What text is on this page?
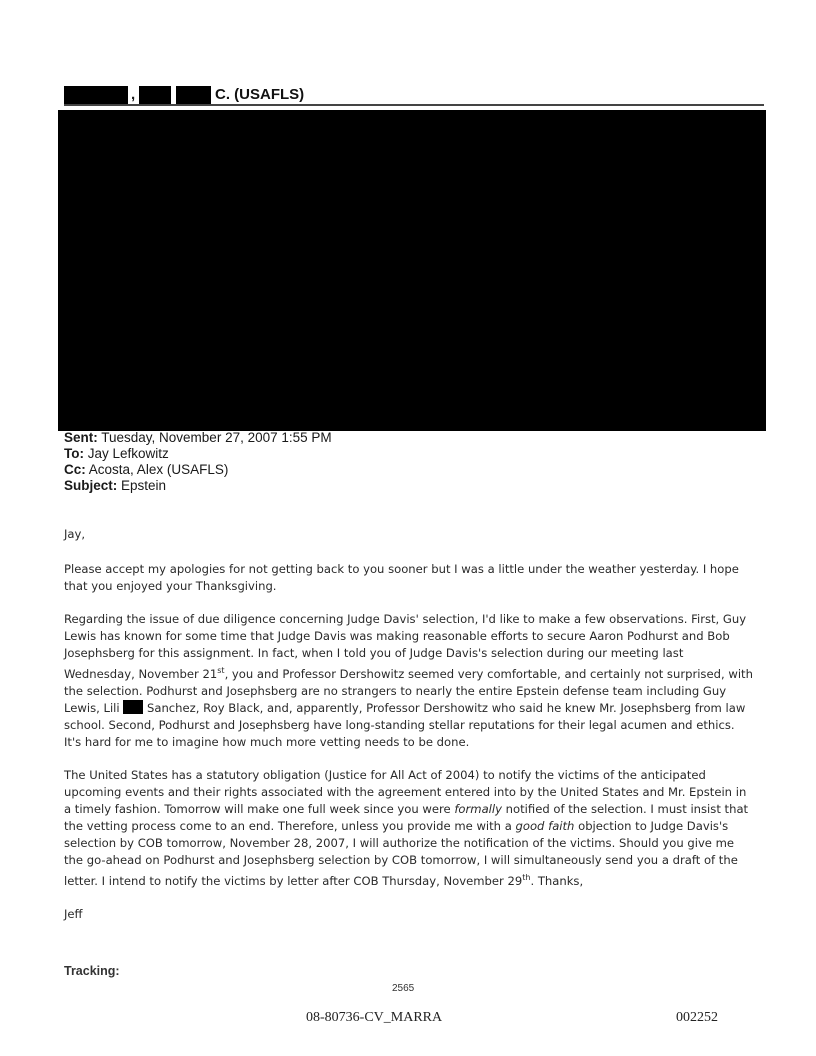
,	C. (USAFLS)
Sent: Tuesday, November 27, 2007 1:55 PM
To: Jay Lefkowitz
Cc: Acosta, Alex (USAFLS)
Subject: Epstein

Jay,

Please accept my apologies for not getting back to you sooner but I was a little under the weather yesterday. I hope that you enjoyed your Thanksgiving.

Regarding the issue of due diligence concerning Judge Davis' selection, I'd like to make a few observations. First, Guy Lewis has known for some time that Judge Davis was making reasonable efforts to secure Aaron Podhurst and Bob Josephsberg for this assignment. In fact, when I told you of Judge Davis's selection during our meeting last Wednesday, November 21st, you and Professor Dershowitz seemed very comfortable, and certainly not surprised, with the selection. Podhurst and Josephsberg are no strangers to nearly the entire Epstein defense team including Guy Lewis, Lili Sanchez, Roy Black, and, apparently, Professor Dershowitz who said he knew Mr. Josephsberg from law school. Second, Podhurst and Josephsberg have long-standing stellar reputations for their legal acumen and ethics. It's hard for me to imagine how much more vetting needs to be done.

The United States has a statutory obligation (Justice for All Act of 2004) to notify the victims of the anticipated upcoming events and their rights associated with the agreement entered into by the United States and Mr. Epstein in a timely fashion. Tomorrow will make one full week since you were formally notified of the selection. I must insist that the vetting process come to an end. Therefore, unless you provide me with a good faith objection to Judge Davis's selection by COB tomorrow, November 28, 2007, I will authorize the notification of the victims. Should you give me the go-ahead on Podhurst and Josephsberg selection by COB tomorrow, I will simultaneously send you a draft of the letter. I intend to notify the victims by letter after COB Thursday, November 29th. Thanks,

Jeff

Tracking:
2565
08-80736-CV_MARRA	002252
